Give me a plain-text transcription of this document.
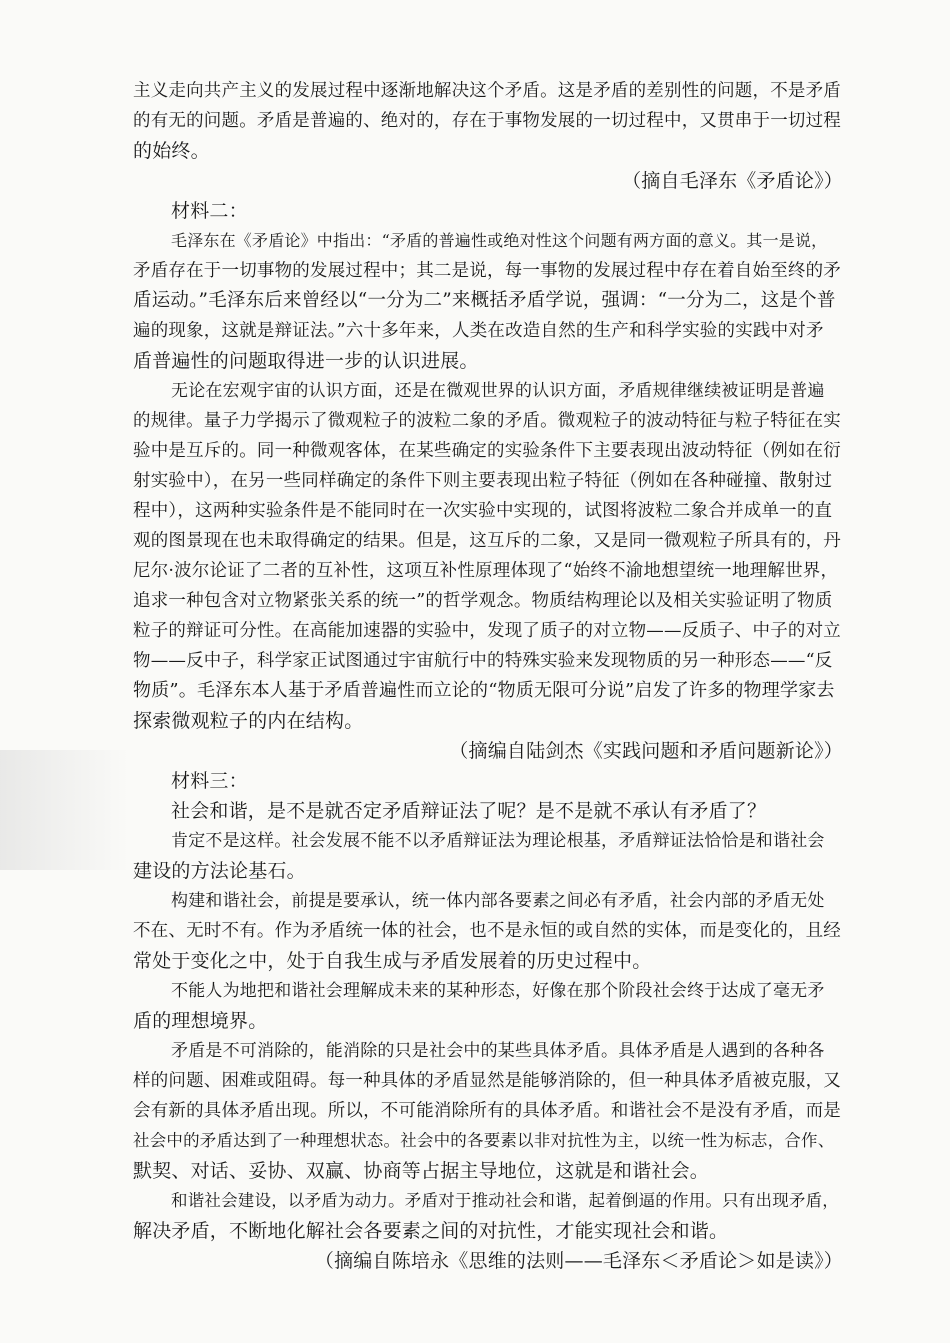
主义走向共产主义的发展过程中逐渐地解决这个矛盾。这是矛盾的差别性的问题，不是矛盾
的有无的问题。矛盾是普遍的、绝对的，存在于事物发展的一切过程中，又贯串于一切过程
的始终。
（摘自毛泽东《矛盾论》）
材料二：
毛泽东在《矛盾论》中指出：“矛盾的普遍性或绝对性这个问题有两方面的意义。其一是说，
矛盾存在于一切事物的发展过程中；其二是说，每一事物的发展过程中存在着自始至终的矛
盾运动。”毛泽东后来曾经以“一分为二”来概括矛盾学说，强调：“一分为二，这是个普
遍的现象，这就是辩证法。”六十多年来，人类在改造自然的生产和科学实验的实践中对矛
盾普遍性的问题取得进一步的认识进展。
无论在宏观宇宙的认识方面，还是在微观世界的认识方面，矛盾规律继续被证明是普遍
的规律。量子力学揭示了微观粒子的波粒二象的矛盾。微观粒子的波动特征与粒子特征在实
验中是互斥的。同一种微观客体，在某些确定的实验条件下主要表现出波动特征（例如在衍
射实验中），在另一些同样确定的条件下则主要表现出粒子特征（例如在各种碰撞、散射过
程中），这两种实验条件是不能同时在一次实验中实现的，试图将波粒二象合并成单一的直
观的图景现在也未取得确定的结果。但是，这互斥的二象，又是同一微观粒子所具有的，丹
尼尔·波尔论证了二者的互补性，这项互补性原理体现了“始终不渝地想望统一地理解世界，
追求一种包含对立物紧张关系的统一”的哲学观念。物质结构理论以及相关实验证明了物质
粒子的辩证可分性。在高能加速器的实验中，发现了质子的对立物——反质子、中子的对立
物——反中子，科学家正试图通过宇宙航行中的特殊实验来发现物质的另一种形态——“反
物质”。毛泽东本人基于矛盾普遍性而立论的“物质无限可分说”启发了许多的物理学家去
探索微观粒子的内在结构。
（摘编自陆剑杰《实践问题和矛盾问题新论》）
材料三：
社会和谐，是不是就否定矛盾辩证法了呢？是不是就不承认有矛盾了？
肯定不是这样。社会发展不能不以矛盾辩证法为理论根基，矛盾辩证法恰恰是和谐社会
建设的方法论基石。
构建和谐社会，前提是要承认，统一体内部各要素之间必有矛盾，社会内部的矛盾无处
不在、无时不有。作为矛盾统一体的社会，也不是永恒的或自然的实体，而是变化的，且经
常处于变化之中，处于自我生成与矛盾发展着的历史过程中。
不能人为地把和谐社会理解成未来的某种形态，好像在那个阶段社会终于达成了毫无矛
盾的理想境界。
矛盾是不可消除的，能消除的只是社会中的某些具体矛盾。具体矛盾是人遇到的各种各
样的问题、困难或阻碍。每一种具体的矛盾显然是能够消除的，但一种具体矛盾被克服，又
会有新的具体矛盾出现。所以，不可能消除所有的具体矛盾。和谐社会不是没有矛盾，而是
社会中的矛盾达到了一种理想状态。社会中的各要素以非对抗性为主，以统一性为标志，合作、
默契、对话、妥协、双赢、协商等占据主导地位，这就是和谐社会。
和谐社会建设，以矛盾为动力。矛盾对于推动社会和谐，起着倒逼的作用。只有出现矛盾，
解决矛盾，不断地化解社会各要素之间的对抗性，才能实现社会和谐。
（摘编自陈培永《思维的法则——毛泽东＜矛盾论＞如是读》）
